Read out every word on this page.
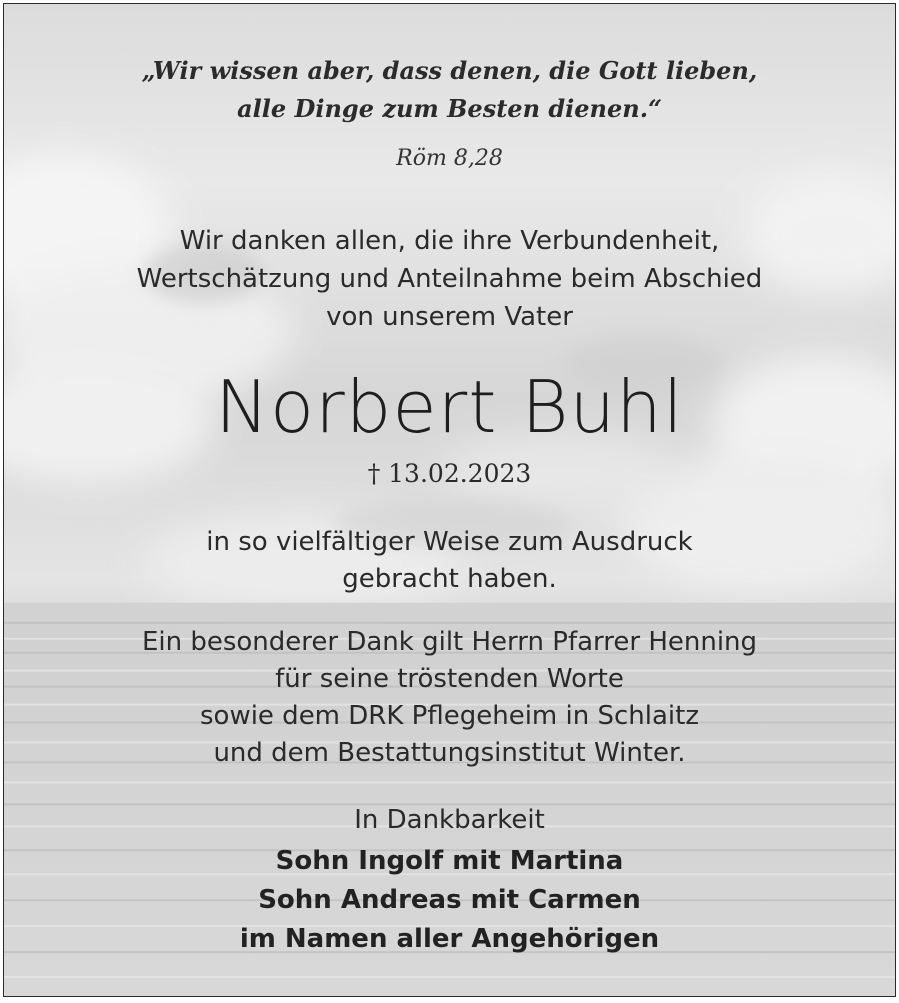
„Wir wissen aber, dass denen, die Gott lieben,
alle Dinge zum Besten dienen.“
Röm 8,28
Wir danken allen, die ihre Verbundenheit,
Wertschätzung und Anteilnahme beim Abschied
von unserem Vater
Norbert Buhl
† 13.02.2023
in so vielfältiger Weise zum Ausdruck
gebracht haben.
Ein besonderer Dank gilt Herrn Pfarrer Henning
für seine tröstenden Worte
sowie dem DRK Pflegeheim in Schlaitz
und dem Bestattungsinstitut Winter.
In Dankbarkeit
Sohn Ingolf mit Martina
Sohn Andreas mit Carmen
im Namen aller Angehörigen
